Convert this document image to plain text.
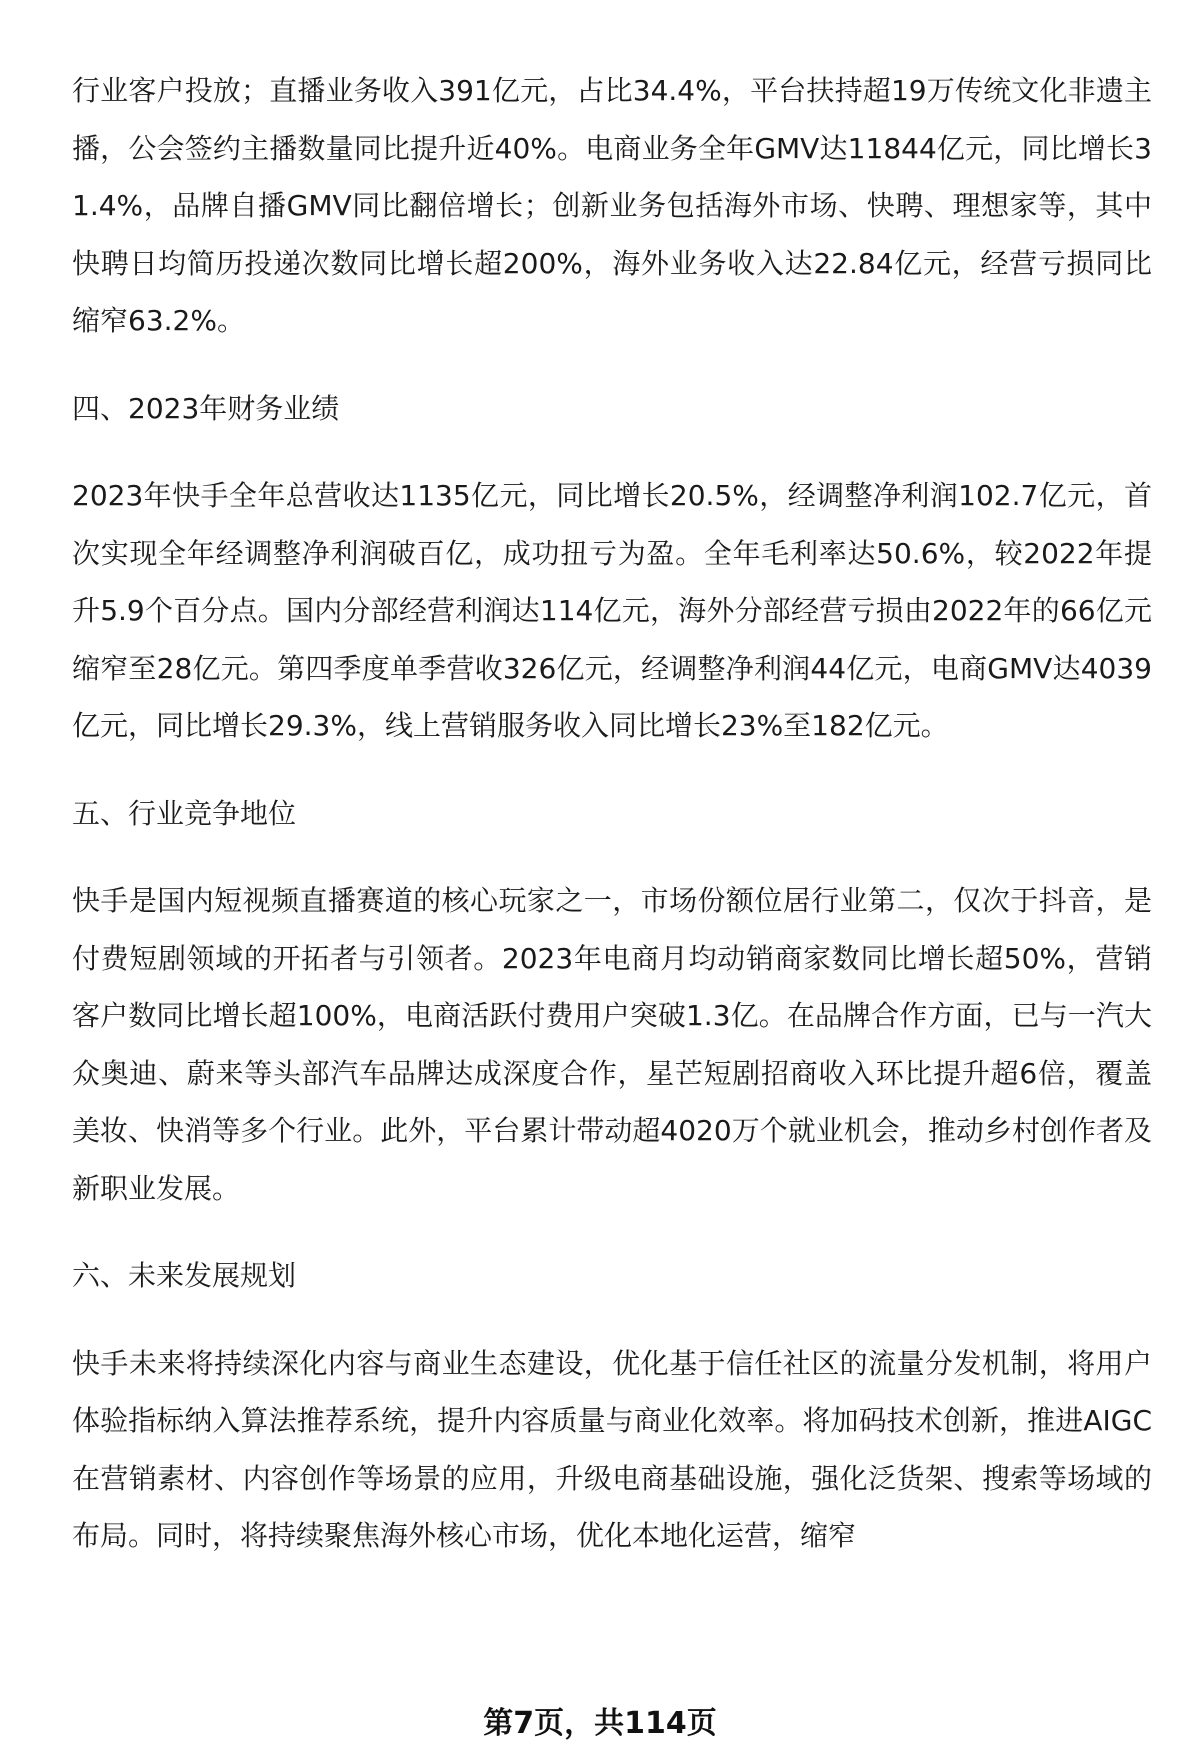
行业客户投放；直播业务收入391亿元，占比34.4%，平台扶持超19万传统文化非遗主播，公会签约主播数量同比提升近40%。电商业务全年GMV达11844亿元，同比增长31.4%，品牌自播GMV同比翻倍增长；创新业务包括海外市场、快聘、理想家等，其中快聘日均简历投递次数同比增长超200%，海外业务收入达22.84亿元，经营亏损同比缩窄63.2%。

四、2023年财务业绩

2023年快手全年总营收达1135亿元，同比增长20.5%，经调整净利润102.7亿元，首次实现全年经调整净利润破百亿，成功扭亏为盈。全年毛利率达50.6%，较2022年提升5.9个百分点。国内分部经营利润达114亿元，海外分部经营亏损由2022年的66亿元缩窄至28亿元。第四季度单季营收326亿元，经调整净利润44亿元，电商GMV达4039亿元，同比增长29.3%，线上营销服务收入同比增长23%至182亿元。

五、行业竞争地位

快手是国内短视频直播赛道的核心玩家之一，市场份额位居行业第二，仅次于抖音，是付费短剧领域的开拓者与引领者。2023年电商月均动销商家数同比增长超50%，营销客户数同比增长超100%，电商活跃付费用户突破1.3亿。在品牌合作方面，已与一汽大众奥迪、蔚来等头部汽车品牌达成深度合作，星芒短剧招商收入环比提升超6倍，覆盖美妆、快消等多个行业。此外，平台累计带动超4020万个就业机会，推动乡村创作者及新职业发展。

六、未来发展规划

快手未来将持续深化内容与商业生态建设，优化基于信任社区的流量分发机制，将用户体验指标纳入算法推荐系统，提升内容质量与商业化效率。将加码技术创新，推进AIGC在营销素材、内容创作等场景的应用，升级电商基础设施，强化泛货架、搜索等场域的布局。同时，将持续聚焦海外核心市场，优化本地化运营，缩窄

第7页，共114页
